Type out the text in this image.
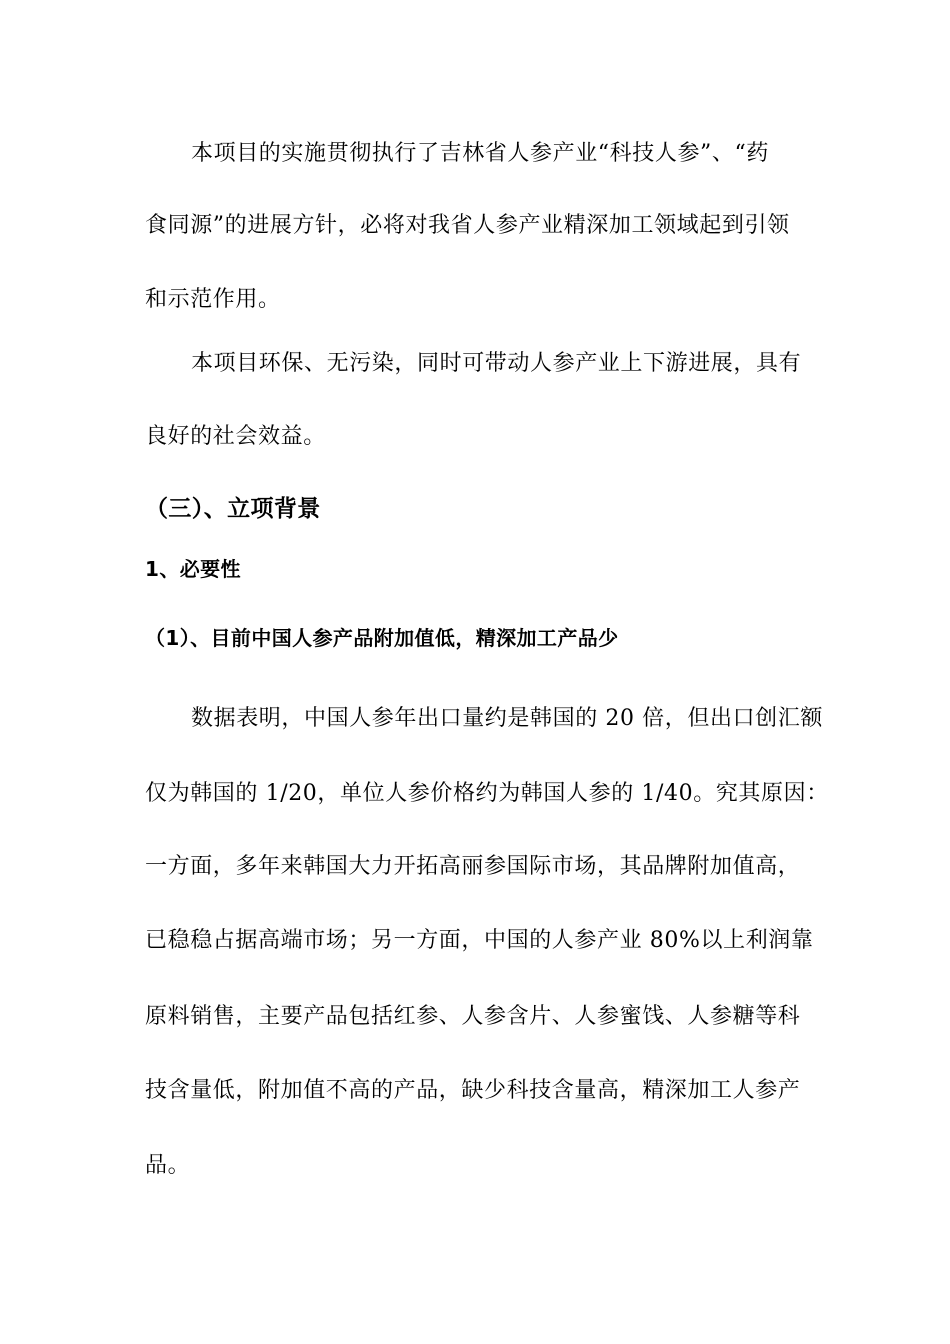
本项目的实施贯彻执行了吉林省人参产业“科技人参”、“药
食同源”的进展方针，必将对我省人参产业精深加工领域起到引领
和示范作用。
本项目环保、无污染，同时可带动人参产业上下游进展，具有
良好的社会效益。
（三）、立项背景
1、必要性
（1）、目前中国人参产品附加值低，精深加工产品少
数据表明，中国人参年出口量约是韩国的 20 倍，但出口创汇额
仅为韩国的 1/20，单位人参价格约为韩国人参的 1/40。究其原因：
一方面，多年来韩国大力开拓高丽参国际市场，其品牌附加值高，
已稳稳占据高端市场；另一方面，中国的人参产业 80%以上利润靠
原料销售，主要产品包括红参、人参含片、人参蜜饯、人参糖等科
技含量低，附加值不高的产品，缺少科技含量高，精深加工人参产
品。
